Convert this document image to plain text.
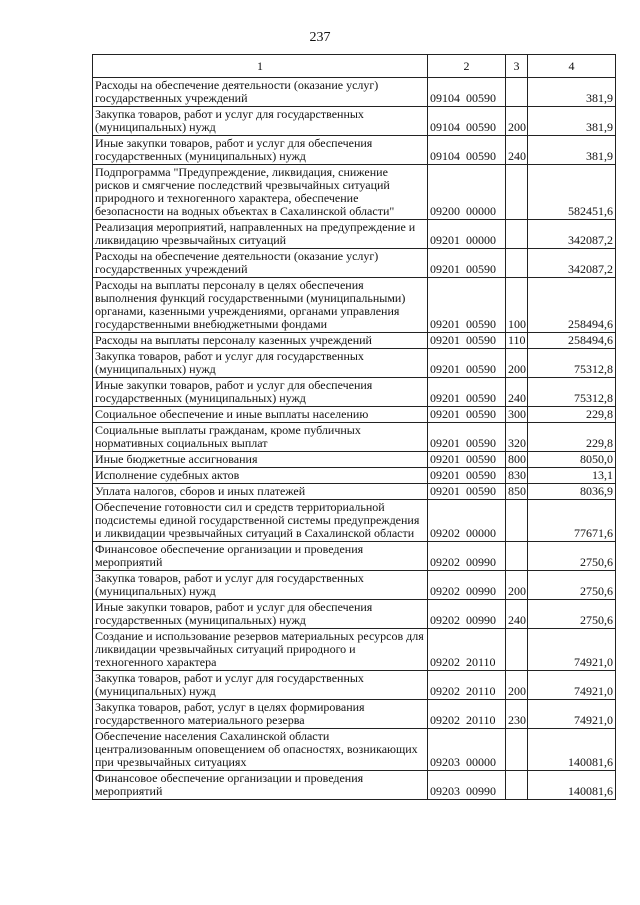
237
1	2	3	4
Расходы на обеспечение деятельности (оказание услуг) государственных учреждений	09104  00590		381,9
Закупка товаров, работ и услуг для государственных (муниципальных) нужд	09104  00590	200	381,9
Иные закупки товаров, работ и услуг для обеспечения государственных (муниципальных) нужд	09104  00590	240	381,9
Подпрограмма "Предупреждение, ликвидация, снижение рисков и смягчение последствий чрезвычайных ситуаций природного и техногенного характера, обеспечение безопасности на водных объектах в Сахалинской области"	09200  00000		582451,6
Реализация мероприятий, направленных на предупреждение и ликвидацию чрезвычайных ситуаций	09201  00000		342087,2
Расходы на обеспечение деятельности (оказание услуг) государственных учреждений	09201  00590		342087,2
Расходы на выплаты персоналу в целях обеспечения выполнения функций государственными (муниципальными) органами, казенными учреждениями, органами управления государственными внебюджетными фондами	09201  00590	100	258494,6
Расходы на выплаты персоналу казенных учреждений	09201  00590	110	258494,6
Закупка товаров, работ и услуг для государственных (муниципальных) нужд	09201  00590	200	75312,8
Иные закупки товаров, работ и услуг для обеспечения государственных (муниципальных) нужд	09201  00590	240	75312,8
Социальное обеспечение и иные выплаты населению	09201  00590	300	229,8
Социальные выплаты гражданам, кроме публичных нормативных социальных выплат	09201  00590	320	229,8
Иные бюджетные ассигнования	09201  00590	800	8050,0
Исполнение судебных актов	09201  00590	830	13,1
Уплата налогов, сборов и иных платежей	09201  00590	850	8036,9
Обеспечение готовности сил и средств территориальной подсистемы единой государственной системы предупреждения и ликвидации чрезвычайных ситуаций в Сахалинской области	09202  00000		77671,6
Финансовое обеспечение организации и проведения мероприятий	09202  00990		2750,6
Закупка товаров, работ и услуг для государственных (муниципальных) нужд	09202  00990	200	2750,6
Иные закупки товаров, работ и услуг для обеспечения государственных (муниципальных) нужд	09202  00990	240	2750,6
Создание и использование резервов материальных ресурсов для ликвидации чрезвычайных ситуаций природного и техногенного характера	09202  20110		74921,0
Закупка товаров, работ и услуг для государственных (муниципальных) нужд	09202  20110	200	74921,0
Закупка товаров, работ, услуг в целях формирования государственного материального резерва	09202  20110	230	74921,0
Обеспечение населения Сахалинской области централизованным оповещением об опасностях, возникающих при чрезвычайных ситуациях	09203  00000		140081,6
Финансовое обеспечение организации и проведения мероприятий	09203  00990		140081,6
